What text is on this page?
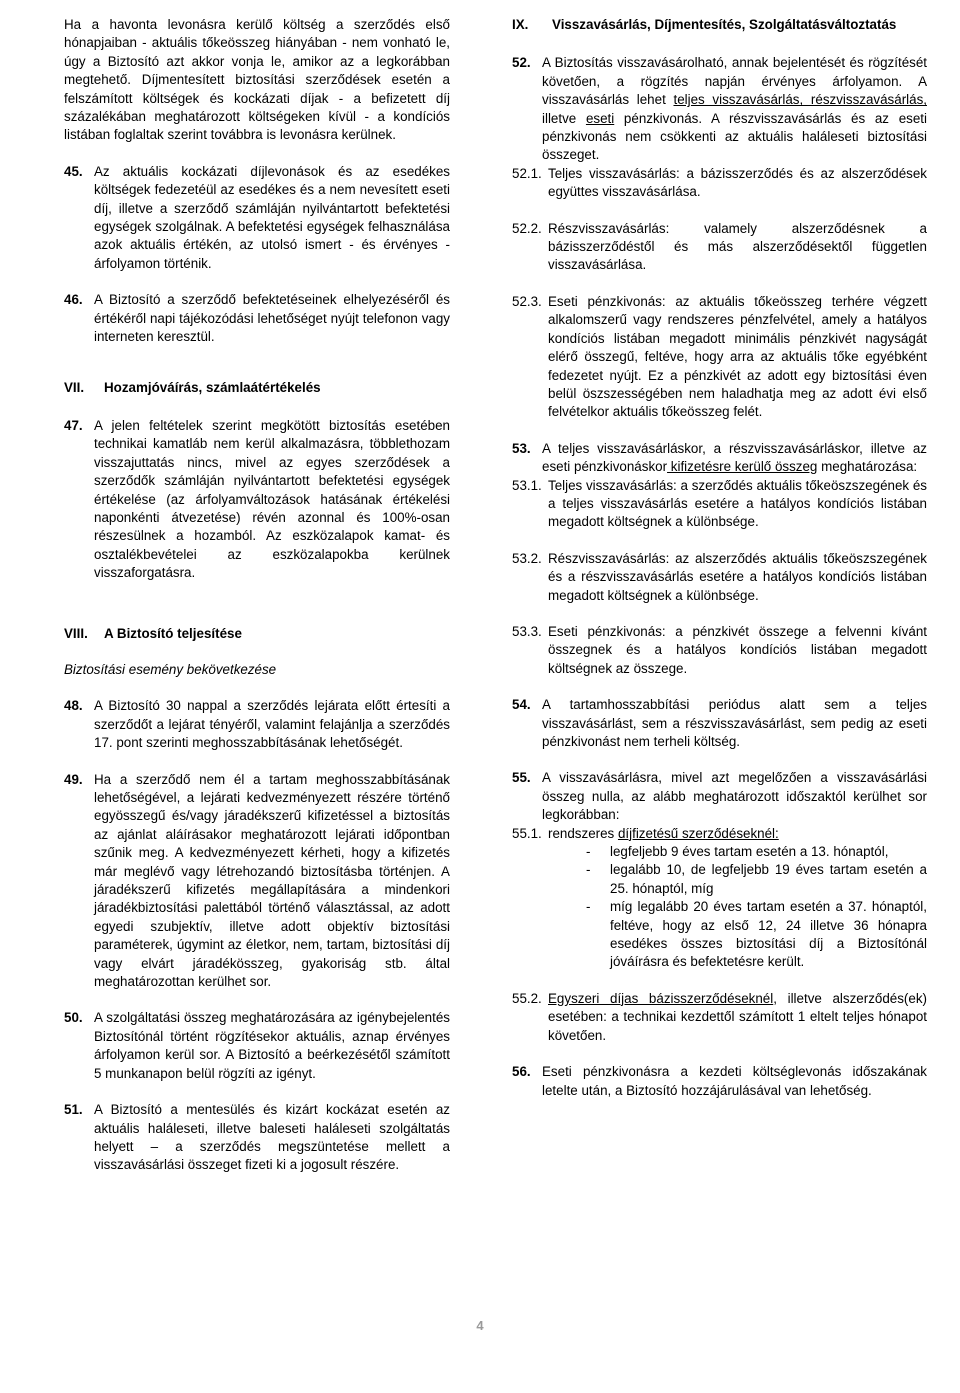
Ha a havonta levonásra kerülő költség a szerződés első hónapjaiban - aktuális tőkeösszeg hiányában - nem vonható le, úgy a Biztosító azt akkor vonja le, amikor az a legkorábban megtehető. Díjmentesített biztosítási szerződések esetén a felszámított költségek és kockázati díjak - a befizetett díj százalékában meghatározott költségeken kívül - a kondíciós listában foglaltak szerint továbbra is levonásra kerülnek.

45. Az aktuális kockázati díjlevonások és az esedékes költségek fedezetéül az esedékes és a nem nevesített eseti díj, illetve a szerződő számláján nyilvántartott befektetési egységek szolgálnak. A befektetési egységek felhasználása azok aktuális értékén, az utolsó ismert - és érvényes - árfolyamon történik.
46. A Biztosító a szerződő befektetéseinek elhelyezéséről és értékéről napi tájékozódási lehetőséget nyújt telefonon vagy interneten keresztül.
VII.	Hozamjóváírás, számlaátértékelés
47. A jelen feltételek szerint megkötött biztosítás esetében technikai kamatláb nem kerül alkalmazásra, többlethozam visszajuttatás nincs, mivel az egyes szerződések a szerződők számláján nyilvántartott befektetési egységek értékelése (az árfolyamváltozások hatásának értékelési naponkénti átvezetése) révén azonnal és 100%-osan részesülnek a hozamból. Az eszközalapok kamat- és osztalékbevételei az eszközalapokba kerülnek visszaforgatásra.
VIII.	A Biztosító teljesítése

Biztosítási esemény bekövetkezése

48. A Biztosító 30 nappal a szerződés lejárata előtt értesíti a szerződőt a lejárat tényéről, valamint felajánlja a szerződés 17. pont szerinti meghosszabbításának lehetőségét.
49. Ha a szerződő nem él a tartam meghosszabbításának lehetőségével, a lejárati kedvezményezett részére történő egyösszegű és/vagy járadékszerű kifizetéssel a biztosítás az ajánlat aláírásakor meghatározott lejárati időpontban szűnik meg. A kedvezményezett kérheti, hogy a kifizetés már meglévő vagy létrehozandó biztosításba történjen. A járadékszerű kifizetés megállapítására a mindenkori járadékbiztosítási palettából történő választással, az adott egyedi szubjektív, illetve adott objektív biztosítási paraméterek, úgymint az életkor, nem, tartam, biztosítási díj vagy elvárt járadékösszeg, gyakoriság stb. által meghatározottan kerülhet sor.
50. A szolgáltatási összeg meghatározására az igénybejelentés Biztosítónál történt rögzítésekor aktuális, aznap érvényes árfolyamon kerül sor. A Biztosító a beérkezésétől számított 5 munkanapon belül rögzíti az igényt.
51. A Biztosító a mentesülés és kizárt kockázat esetén az aktuális haláleseti, illetve baleseti haláleseti szolgáltatás helyett – a szerződés megszüntetése mellett a visszavásárlási összeget fizeti ki a jogosult részére.
IX.	Visszavásárlás, Díjmentesítés, Szolgáltatásváltoztatás
52. A Biztosítás visszavásárolható, annak bejelentését és rögzítését követően, a rögzítés napján érvényes árfolyamon. A visszavásárlás lehet teljes visszavásárlás, részvisszavásárlás, illetve eseti pénzkivonás. A részvisszavásárlás és az eseti pénzkivonás nem csökkenti az aktuális haláleseti biztosítási összeget.
52.1. Teljes visszavásárlás: a bázisszerződés és az alszerződések együttes visszavásárlása.
52.2. Részvisszavásárlás: valamely alszerződésnek a bázisszerződéstől és más alszerződésektől független visszavásárlása.
52.3. Eseti pénzkivonás: az aktuális tőkeösszeg terhére végzett alkalomszerű vagy rendszeres pénzfelvétel, amely a hatályos kondíciós listában megadott minimális pénzkivét nagyságát elérő összegű, feltéve, hogy arra az aktuális tőke egyébként fedezetet nyújt. Ez a pénzkivét az adott egy biztosítási éven belül öszszességében nem haladhatja meg az adott évi első felvételkor aktuális tőkeösszeg felét.
53. A teljes visszavásárláskor, a részvisszavásárláskor, illetve az eseti pénzkivonáskor kifizetésre kerülő összeg meghatározása:
53.1. Teljes visszavásárlás: a szerződés aktuális tőkeöszszegének és a teljes visszavásárlás esetére a hatályos kondíciós listában megadott költségnek a különbsége.
53.2. Részvisszavásárlás: az alszerződés aktuális tőkeöszszegének és a részvisszavásárlás esetére a hatályos kondíciós listában megadott költségnek a különbsége.
53.3. Eseti pénzkivonás: a pénzkivét összege a felvenni kívánt összegnek és a hatályos kondíciós listában megadott költségnek az összege.
54. A tartamhosszabbítási periódus alatt sem a teljes visszavásárlást, sem a részvisszavásárlást, sem pedig az eseti pénzkivonást nem terheli költség.
55. A visszavásárlásra, mivel azt megelőzően a visszavásárlási összeg nulla, az alább meghatározott időszaktól kerülhet sor legkorábban:
55.1. rendszeres díjfizetésű szerződéseknél:
-	legfeljebb 9 éves tartam esetén a 13. hónaptól,
-	legalább 10, de legfeljebb 19 éves tartam esetén a 25. hónaptól, míg
-	míg legalább 20 éves tartam esetén a 37. hónaptól, feltéve, hogy az első 12, 24 illetve 36 hónapra esedékes összes biztosítási díj a Biztosítónál jóváírásra és befektetésre került.
55.2. Egyszeri díjas bázisszerződéseknél, illetve alszerződés(ek) esetében: a technikai kezdettől számított 1 eltelt teljes hónapot követően.
56. Eseti pénzkivonásra a kezdeti költséglevonás időszakának letelte után, a Biztosító hozzájárulásával van lehetőség.
4
